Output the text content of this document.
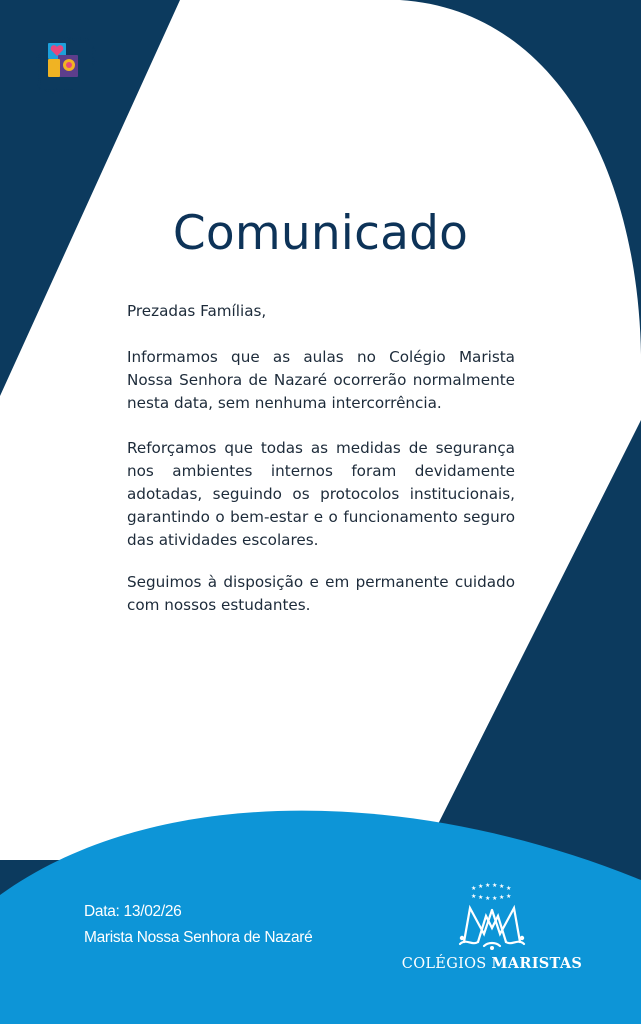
Mentes
atuais
Corações
atemporais
Comunicado

Prezadas Famílias,

Informamos que as aulas no Colégio Marista Nossa Senhora de Nazaré ocorrerão normalmente nesta data, sem nenhuma intercorrência.

Reforçamos que todas as medidas de segurança nos ambientes internos foram devidamente adotadas, seguindo os protocolos institucionais, garantindo o bem-estar e o funcionamento seguro das atividades escolares.

Seguimos à disposição e em permanente cuidado com nossos estudantes.

Data: 13/02/26
Marista Nossa Senhora de Nazaré
★ ★ ★ ★ ★ ★
★ ★ ★ ★ ★ ★
COLÉGIOS MARISTAS
